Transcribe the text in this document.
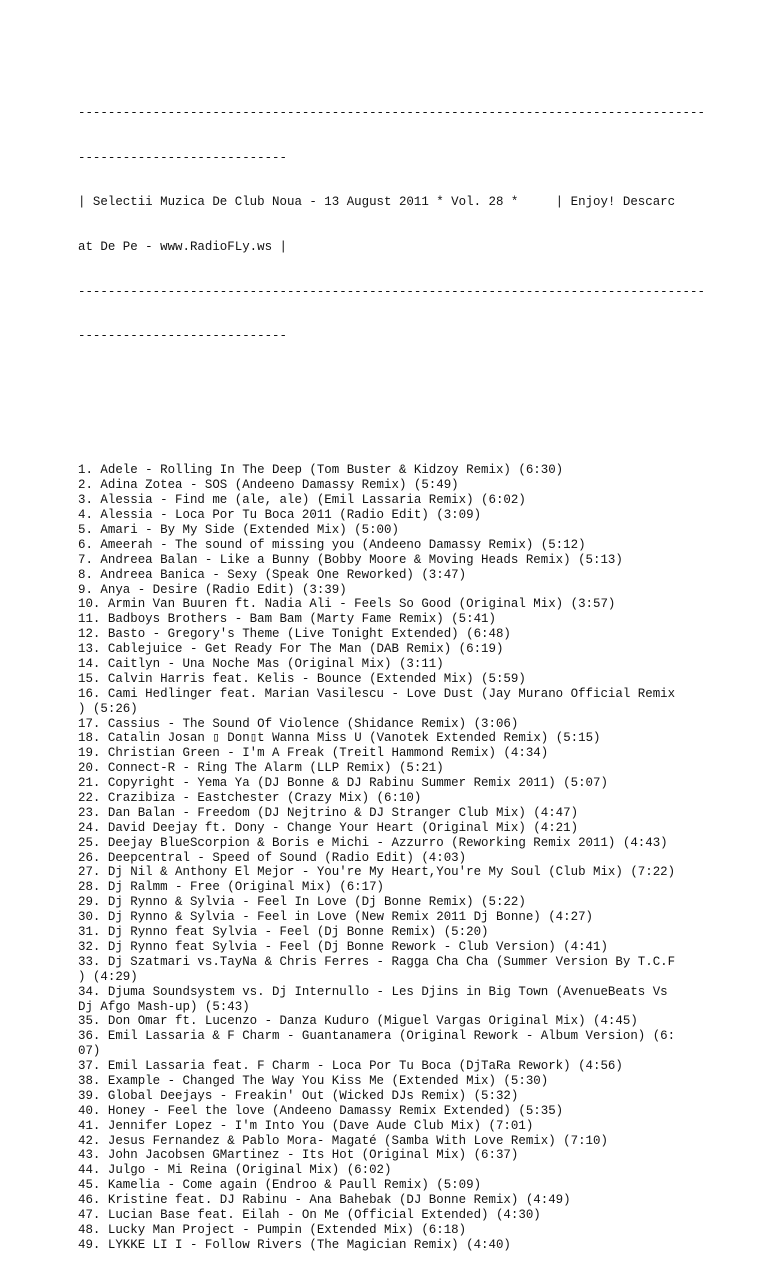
------------------------------------------------------------------------------------

----------------------------

| Selectii Muzica De Club Noua - 13 August 2011 * Vol. 28 *     | Enjoy! Descarc

at De Pe - www.RadioFLy.ws |

------------------------------------------------------------------------------------

----------------------------

1. Adele - Rolling In The Deep (Tom Buster & Kidzoy Remix) (6:30)
2. Adina Zotea - SOS (Andeeno Damassy Remix) (5:49)
3. Alessia - Find me (ale, ale) (Emil Lassaria Remix) (6:02)
4. Alessia - Loca Por Tu Boca 2011 (Radio Edit) (3:09)
5. Amari - By My Side (Extended Mix) (5:00)
6. Ameerah - The sound of missing you (Andeeno Damassy Remix) (5:12)
7. Andreea Balan - Like a Bunny (Bobby Moore & Moving Heads Remix) (5:13)
8. Andreea Banica - Sexy (Speak One Reworked) (3:47)
9. Anya - Desire (Radio Edit) (3:39)
10. Armin Van Buuren ft. Nadia Ali - Feels So Good (Original Mix) (3:57)
11. Badboys Brothers - Bam Bam (Marty Fame Remix) (5:41)
12. Basto - Gregory's Theme (Live Tonight Extended) (6:48)
13. Cablejuice - Get Ready For The Man (DAB Remix) (6:19)
14. Caitlyn - Una Noche Mas (Original Mix) (3:11)
15. Calvin Harris feat. Kelis - Bounce (Extended Mix) (5:59)
16. Cami Hedlinger feat. Marian Vasilescu - Love Dust (Jay Murano Official Remix
) (5:26)
17. Cassius - The Sound Of Violence (Shidance Remix) (3:06)
18. Catalin Josan ▯ Don▯t Wanna Miss U (Vanotek Extended Remix) (5:15)
19. Christian Green - I'm A Freak (Treitl Hammond Remix) (4:34)
20. Connect-R - Ring The Alarm (LLP Remix) (5:21)
21. Copyright - Yema Ya (DJ Bonne & DJ Rabinu Summer Remix 2011) (5:07)
22. Crazibiza - Eastchester (Crazy Mix) (6:10)
23. Dan Balan - Freedom (DJ Nejtrino & DJ Stranger Club Mix) (4:47)
24. David Deejay ft. Dony - Change Your Heart (Original Mix) (4:21)
25. Deejay BlueScorpion & Boris e Michi - Azzurro (Reworking Remix 2011) (4:43)
26. Deepcentral - Speed of Sound (Radio Edit) (4:03)
27. Dj Nil & Anthony El Mejor - You're My Heart,You're My Soul (Club Mix) (7:22)
28. Dj Ralmm - Free (Original Mix) (6:17)
29. Dj Rynno & Sylvia - Feel In Love (Dj Bonne Remix) (5:22)
30. Dj Rynno & Sylvia - Feel in Love (New Remix 2011 Dj Bonne) (4:27)
31. Dj Rynno feat Sylvia - Feel (Dj Bonne Remix) (5:20)
32. Dj Rynno feat Sylvia - Feel (Dj Bonne Rework - Club Version) (4:41)
33. Dj Szatmari vs.TayNa & Chris Ferres - Ragga Cha Cha (Summer Version By T.C.F
) (4:29)
34. Djuma Soundsystem vs. Dj Internullo - Les Djins in Big Town (AvenueBeats Vs
Dj Afgo Mash-up) (5:43)
35. Don Omar ft. Lucenzo - Danza Kuduro (Miguel Vargas Original Mix) (4:45)
36. Emil Lassaria & F Charm - Guantanamera (Original Rework - Album Version) (6:
07)
37. Emil Lassaria feat. F Charm - Loca Por Tu Boca (DjTaRa Rework) (4:56)
38. Example - Changed The Way You Kiss Me (Extended Mix) (5:30)
39. Global Deejays - Freakin' Out (Wicked DJs Remix) (5:32)
40. Honey - Feel the love (Andeeno Damassy Remix Extended) (5:35)
41. Jennifer Lopez - I'm Into You (Dave Aude Club Mix) (7:01)
42. Jesus Fernandez & Pablo Mora- Magaté (Samba With Love Remix) (7:10)
43. John Jacobsen GMartinez - Its Hot (Original Mix) (6:37)
44. Julgo - Mi Reina (Original Mix) (6:02)
45. Kamelia - Come again (Endroo & Paull Remix) (5:09)
46. Kristine feat. DJ Rabinu - Ana Bahebak (DJ Bonne Remix) (4:49)
47. Lucian Base feat. Eilah - On Me (Official Extended) (4:30)
48. Lucky Man Project - Pumpin (Extended Mix) (6:18)
49. LYKKE LI I - Follow Rivers (The Magician Remix) (4:40)
